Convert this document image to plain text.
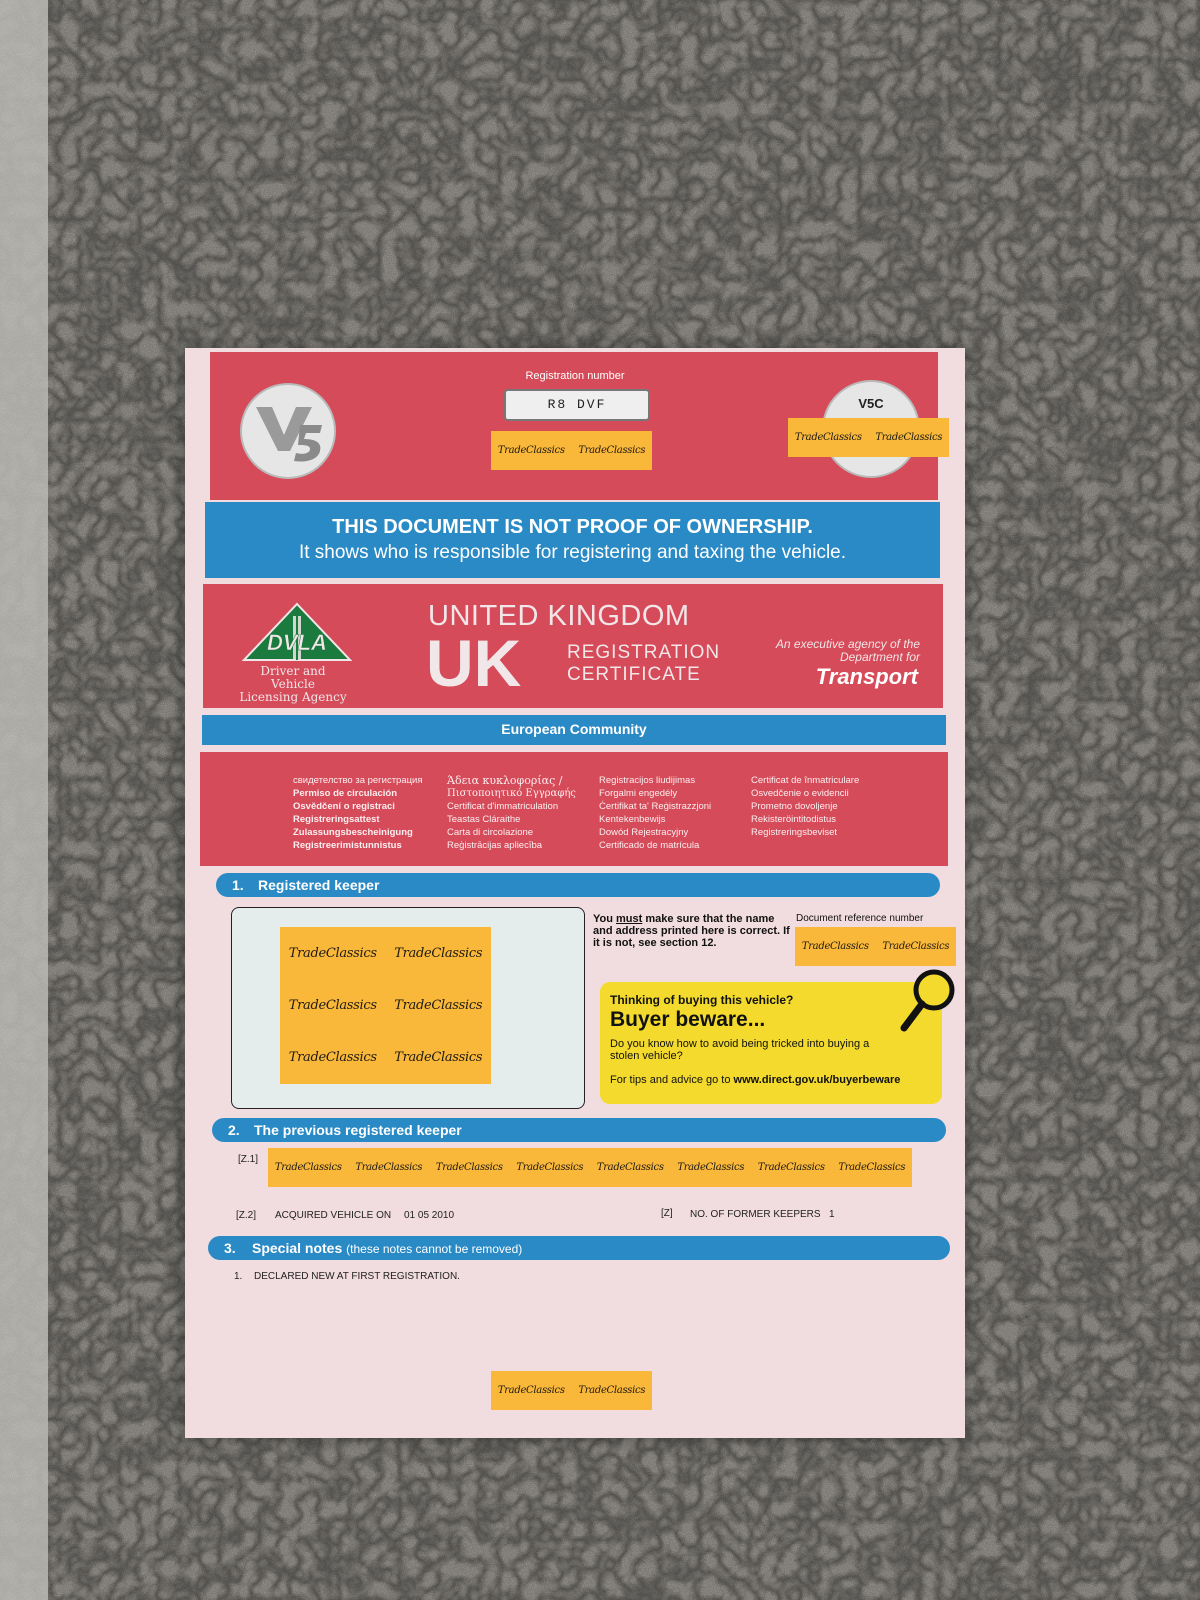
THIS DOCUMENT IS NOT PROOF OF OWNERSHIP.
It shows who is responsible for registering and taxing the vehicle.
European Community
Registration number
R8 DVF	V5C
DVLA
Driver and Vehicle
Licensing Agency
UNITED KINGDOM
UK REGISTRATION
CERTIFICATE
An executive agency of the Department for
Transport
свидетелство за регистрация
Permiso de circulación
Osvědčení o registraci
Registreringsattest
Zulassungsbescheinigung
Registreerimistunnistus
Άδεια κυκλοφορίας /
Πιστοποιητικό Εγγραφής
Certificat d'immatriculation
Teastas Cláraithe
Carta di circolazione
Reģistrācijas apliecība
Registracijos liudijimas
Forgalmi engedély
Ċertifikat ta' Reġistrazzjoni
Kentekenbewijs
Dowód Rejestracyjny
Certificado de matrícula
Certificat de înmatriculare
Osvedčenie o evidencii
Prometno dovoljenje
Rekisteröintitodistus
Registreringsbeviset
1. Registered keeper
You must make sure that the name and address printed here is correct. If it is not, see section 12.
Document reference number
Thinking of buying this vehicle?
Buyer beware...
Do you know how to avoid being tricked into buying a stolen vehicle?
For tips and advice go to www.direct.gov.uk/buyerbeware
2. The previous registered keeper
[Z.1]
[Z.2] ACQUIRED VEHICLE ON 01 05 2010	[Z] NO. OF FORMER KEEPERS 1
3. Special notes (these notes cannot be removed)
1. DECLARED NEW AT FIRST REGISTRATION.
TradeClassics TradeClassics
TradeClassics TradeClassics
TradeClassics TradeClassics
TradeClassics	TradeClassics
TradeClassics	TradeClassics
TradeClassics	TradeClassics
TradeClassics TradeClassics TradeClassics TradeClassics TradeClassics TradeClassics TradeClassics TradeClassics
TradeClassics TradeClassics
